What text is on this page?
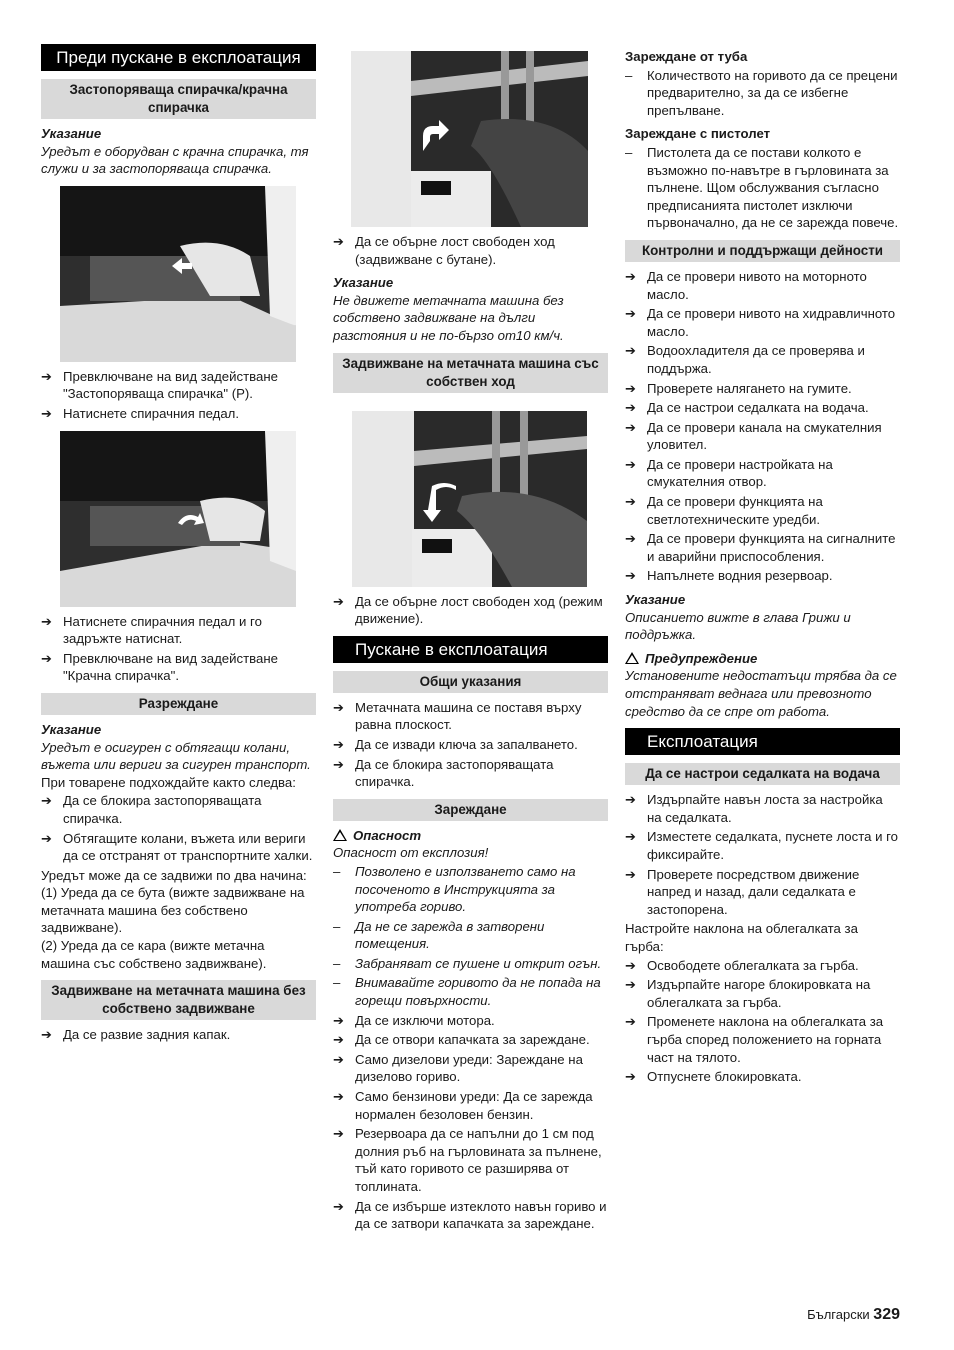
Преди пускане в експлоатация
Застопоряваща спирачка/крачна спирачка

Указание

Уредът е оборудван с крачна спирачка, тя служи и за застопоряваща спирачка.

➔ Превключване на вид задействане "Застопоряваща спирачка" (P).
➔ Натиснете спирачния педал.
➔ Натиснете спирачния педал и го задръжте натиснат.
➔ Превключване на вид задействане "Крачна спирачка".
Разреждане

Указание

Уредът е осигурен с обтягащи колани, въжета или вериги за сигурен транспорт.

При товарене подхождайте както следва:

➔ Да се блокира застопоряващата спирачка.
➔ Обтягащите колани, въжета или вериги да се отстранят от транспортните халки.

Уредът може да се задвижи по два начина:

(1) Уреда да се бута (вижте задвижване на метачната машина без собствено задвижване).

(2) Уреда да се кара (вижте метачна машина със собствено задвижване).

Задвижване на метачната машина без собствено задвижване
➔ Да се развие задния капак.
➔ Да се обърне лост свободен ход (задвижване с бутане).

Указание

Не движете метачната машина без собствено задвижване на дълги разстояния и не по-бързо от10 км/ч.

Задвижване на метачната машина със собствен ход
➔ Да се обърне лост свободен ход (режим движение).
Пускане в експлоатация
Общи указания
➔ Метачната машина се поставя върху равна плоскост.
➔ Да се извади ключа за запалването.
➔ Да се блокира застопоряващата спирачка.
Зареждане

Опасност

Опасност от експлозия!

– Позволено е използването само на посоченото в Инструкцията за употреба гориво.
– Да не се зарежда в затворени помещения.
– Забраняват се пушене и открит огън.
– Внимавайте горивото да не попада на горещи повърхности.
➔ Да се изключи мотора.
➔ Да се отвори капачката за зареждане.
➔ Само дизелови уреди: Зареждане на дизелово гориво.
➔ Само бензинови уреди: Да се зарежда нормален безоловен бензин.
➔ Резервоара да се напълни до 1 см под долния ръб на гърловината за пълнене, тъй като горивото се разширява от топлината.
➔ Да се избърше изтеклото навън гориво и да се затвори капачката за зареждане.

Зареждане от туба

– Количеството на горивото да се прецени предварително, за да се избегне препълване.

Зареждане с пистолет

– Пистолета да се постави колкото е възможно по-навътре в гърловината за пълнене. Щом обслужвания съгласно предписанията пистолет изключи първоначално, да не се зарежда повече.
Контролни и поддържащи дейности
➔ Да се провери нивото на моторното масло.
➔ Да се провери нивото на хидравличното масло.
➔ Водоохладителя да се проверява и поддържа.
➔ Проверете налягането на гумите.
➔ Да се настрои седалката на водача.
➔ Да се провери канала на смукателния уловител.
➔ Да се провери настройката на смукателния отвор.
➔ Да се провери функцията на светлотехническите уредби.
➔ Да се провери функцията на сигналните и аварийни приспособления.
➔ Напълнете водния резервоар.

Указание

Описанието вижте в глава Грижи и поддръжка.

Предупреждение

Установените недостатъци трябва да се отстраняват веднага или превозното средство да се спре от работа.

Експлоатация
Да се настрои седалката на водача
➔ Издърпайте навън лоста за настройка на седалката.
➔ Изместете седалката, пуснете лоста и го фиксирайте.
➔ Проверете посредством движение напред и назад, дали седалката е застопорена.

Настройте наклона на облегалката за гърба:

➔ Освободете облегалката за гърба.
➔ Издърпайте нагоре блокировката на облегалката за гърба.
➔ Променете наклона на облегалката за гърба според положението на горната част на тялото.
➔ Отпуснете блокировката.
Български 329
